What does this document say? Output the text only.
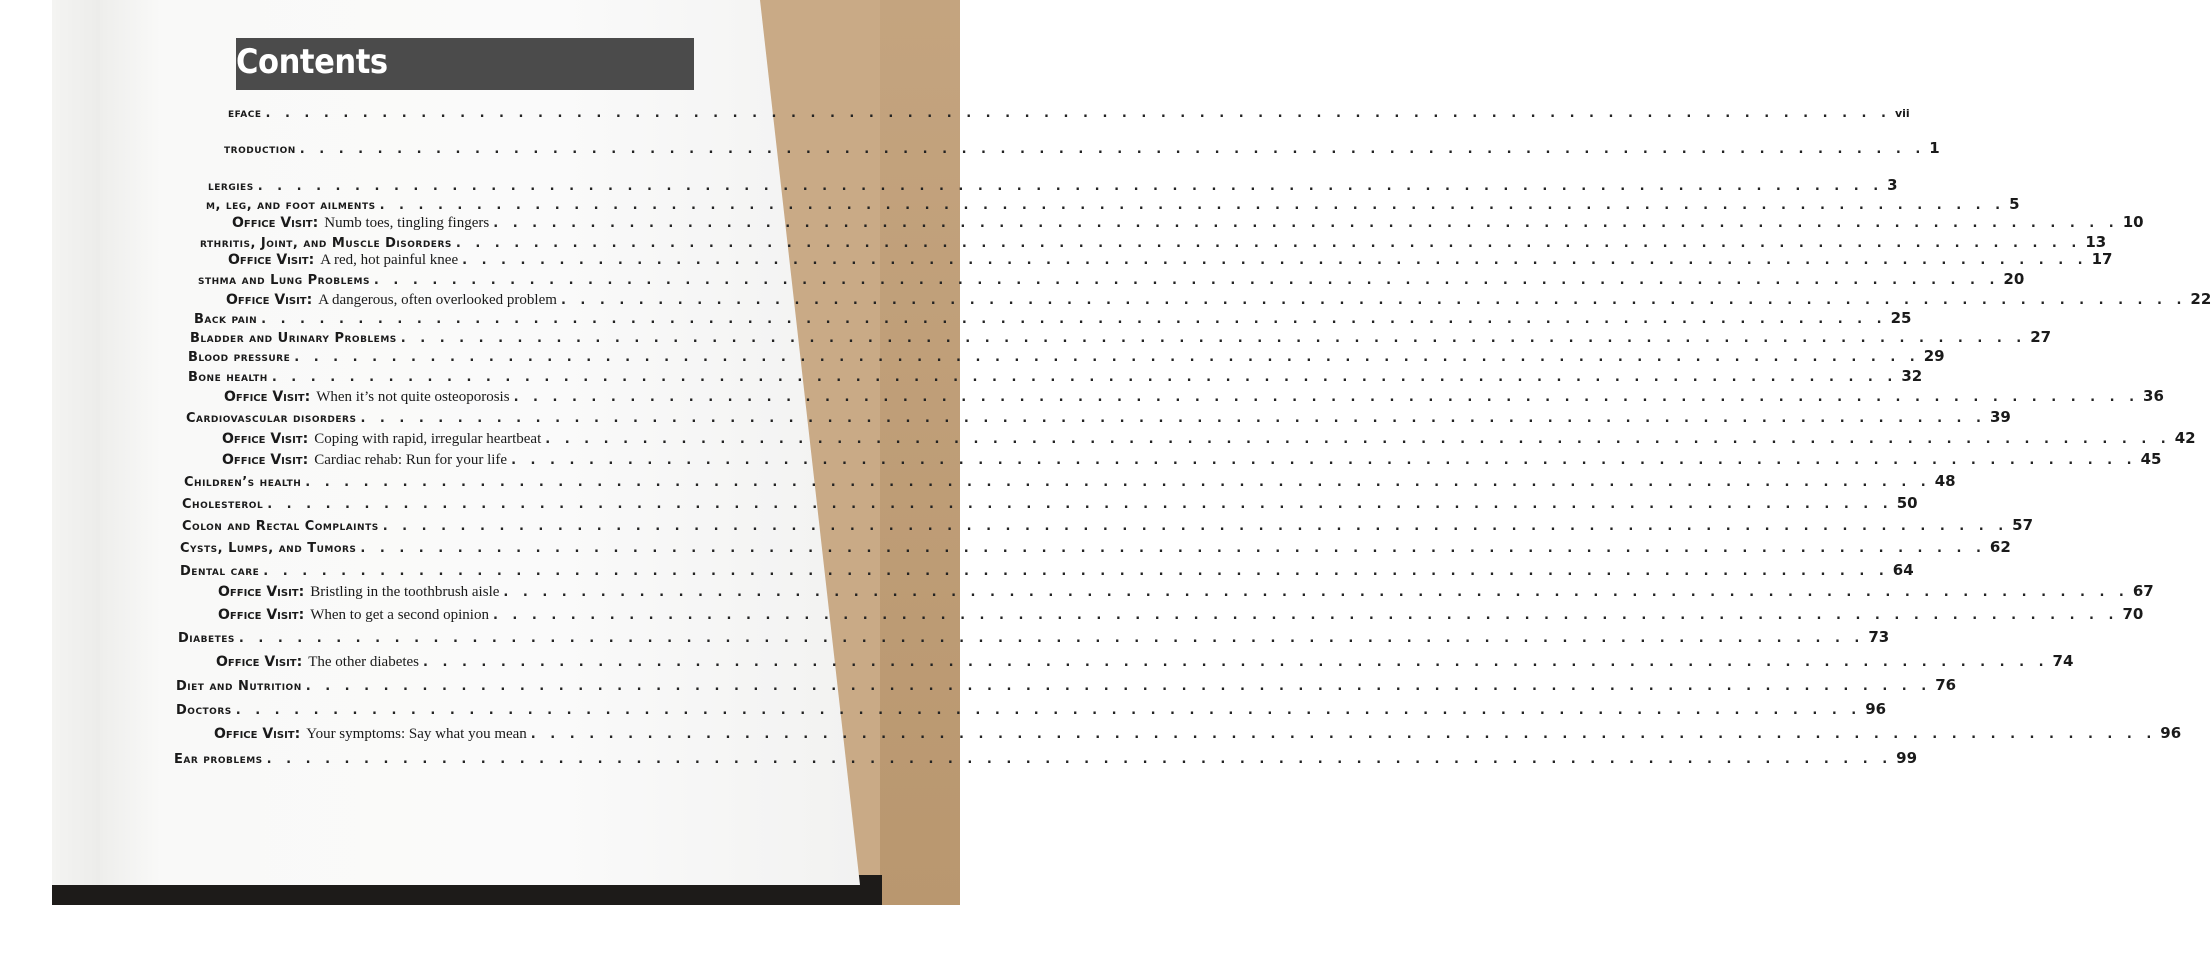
Contents
eface . . . . . . . . . . . . . . . . . . . . . . . . . . . . . . . . . . . . . . . . . . . . . . . . . . . . . . . . . . . . . . . . . . . . . . . . . . . . . . . . . . . . vii
troduction . . . . . . . . . . . . . . . . . . . . . . . . . . . . . . . . . . . . . . . . . . . . . . . . . . . . . . . . . . . . . . . . . . . . . . . . . . . . . . . . . . . . 1
lergies . . . . . . . . . . . . . . . . . . . . . . . . . . . . . . . . . . . . . . . . . . . . . . . . . . . . . . . . . . . . . . . . . . . . . . . . . . . . . . . . . . . . 3
m, leg, and foot ailments . . . . . . . . . . . . . . . . . . . . . . . . . . . . . . . . . . . . . . . . . . . . . . . . . . . . . . . . . . . . . . . . . . . . . . . . . . . . . . . . . . . . 5
Office Visit: Numb toes, tingling fingers . . . . . . . . . . . . . . . . . . . . . . . . . . . . . . . . . . . . . . . . . . . . . . . . . . . . . . . . . . . . . . . . . . . . . . . . . . . . . . . . . . . . 10
rthritis, Joint, and Muscle Disorders . . . . . . . . . . . . . . . . . . . . . . . . . . . . . . . . . . . . . . . . . . . . . . . . . . . . . . . . . . . . . . . . . . . . . . . . . . . . . . . . . . . . 13
Office Visit: A red, hot painful knee . . . . . . . . . . . . . . . . . . . . . . . . . . . . . . . . . . . . . . . . . . . . . . . . . . . . . . . . . . . . . . . . . . . . . . . . . . . . . . . . . . . . 17
sthma and Lung Problems . . . . . . . . . . . . . . . . . . . . . . . . . . . . . . . . . . . . . . . . . . . . . . . . . . . . . . . . . . . . . . . . . . . . . . . . . . . . . . . . . . . . 20
Office Visit: A dangerous, often overlooked problem . . . . . . . . . . . . . . . . . . . . . . . . . . . . . . . . . . . . . . . . . . . . . . . . . . . . . . . . . . . . . . . . . . . . . . . . . . . . . . . . . . . . 22
Back pain . . . . . . . . . . . . . . . . . . . . . . . . . . . . . . . . . . . . . . . . . . . . . . . . . . . . . . . . . . . . . . . . . . . . . . . . . . . . . . . . . . . . 25
Bladder and Urinary Problems . . . . . . . . . . . . . . . . . . . . . . . . . . . . . . . . . . . . . . . . . . . . . . . . . . . . . . . . . . . . . . . . . . . . . . . . . . . . . . . . . . . . 27
Blood pressure . . . . . . . . . . . . . . . . . . . . . . . . . . . . . . . . . . . . . . . . . . . . . . . . . . . . . . . . . . . . . . . . . . . . . . . . . . . . . . . . . . . . 29
Bone health . . . . . . . . . . . . . . . . . . . . . . . . . . . . . . . . . . . . . . . . . . . . . . . . . . . . . . . . . . . . . . . . . . . . . . . . . . . . . . . . . . . . 32
Office Visit: When it’s not quite osteoporosis . . . . . . . . . . . . . . . . . . . . . . . . . . . . . . . . . . . . . . . . . . . . . . . . . . . . . . . . . . . . . . . . . . . . . . . . . . . . . . . . . . . . 36
Cardiovascular disorders . . . . . . . . . . . . . . . . . . . . . . . . . . . . . . . . . . . . . . . . . . . . . . . . . . . . . . . . . . . . . . . . . . . . . . . . . . . . . . . . . . . . 39
Office Visit: Coping with rapid, irregular heartbeat . . . . . . . . . . . . . . . . . . . . . . . . . . . . . . . . . . . . . . . . . . . . . . . . . . . . . . . . . . . . . . . . . . . . . . . . . . . . . . . . . . . . 42
Office Visit: Cardiac rehab: Run for your life . . . . . . . . . . . . . . . . . . . . . . . . . . . . . . . . . . . . . . . . . . . . . . . . . . . . . . . . . . . . . . . . . . . . . . . . . . . . . . . . . . . . 45
Children’s health . . . . . . . . . . . . . . . . . . . . . . . . . . . . . . . . . . . . . . . . . . . . . . . . . . . . . . . . . . . . . . . . . . . . . . . . . . . . . . . . . . . . 48
Cholesterol . . . . . . . . . . . . . . . . . . . . . . . . . . . . . . . . . . . . . . . . . . . . . . . . . . . . . . . . . . . . . . . . . . . . . . . . . . . . . . . . . . . . 50
Colon and Rectal Complaints . . . . . . . . . . . . . . . . . . . . . . . . . . . . . . . . . . . . . . . . . . . . . . . . . . . . . . . . . . . . . . . . . . . . . . . . . . . . . . . . . . . . 57
Cysts, Lumps, and Tumors . . . . . . . . . . . . . . . . . . . . . . . . . . . . . . . . . . . . . . . . . . . . . . . . . . . . . . . . . . . . . . . . . . . . . . . . . . . . . . . . . . . . 62
Dental care . . . . . . . . . . . . . . . . . . . . . . . . . . . . . . . . . . . . . . . . . . . . . . . . . . . . . . . . . . . . . . . . . . . . . . . . . . . . . . . . . . . . 64
Office Visit: Bristling in the toothbrush aisle . . . . . . . . . . . . . . . . . . . . . . . . . . . . . . . . . . . . . . . . . . . . . . . . . . . . . . . . . . . . . . . . . . . . . . . . . . . . . . . . . . . . 67
Office Visit: When to get a second opinion . . . . . . . . . . . . . . . . . . . . . . . . . . . . . . . . . . . . . . . . . . . . . . . . . . . . . . . . . . . . . . . . . . . . . . . . . . . . . . . . . . . . 70
Diabetes . . . . . . . . . . . . . . . . . . . . . . . . . . . . . . . . . . . . . . . . . . . . . . . . . . . . . . . . . . . . . . . . . . . . . . . . . . . . . . . . . . . . 73
Office Visit: The other diabetes . . . . . . . . . . . . . . . . . . . . . . . . . . . . . . . . . . . . . . . . . . . . . . . . . . . . . . . . . . . . . . . . . . . . . . . . . . . . . . . . . . . . 74
Diet and Nutrition . . . . . . . . . . . . . . . . . . . . . . . . . . . . . . . . . . . . . . . . . . . . . . . . . . . . . . . . . . . . . . . . . . . . . . . . . . . . . . . . . . . . 76
Doctors . . . . . . . . . . . . . . . . . . . . . . . . . . . . . . . . . . . . . . . . . . . . . . . . . . . . . . . . . . . . . . . . . . . . . . . . . . . . . . . . . . . . 96
Office Visit: Your symptoms: Say what you mean . . . . . . . . . . . . . . . . . . . . . . . . . . . . . . . . . . . . . . . . . . . . . . . . . . . . . . . . . . . . . . . . . . . . . . . . . . . . . . . . . . . . 96
Ear problems . . . . . . . . . . . . . . . . . . . . . . . . . . . . . . . . . . . . . . . . . . . . . . . . . . . . . . . . . . . . . . . . . . . . . . . . . . . . . . . . . . . . 99
